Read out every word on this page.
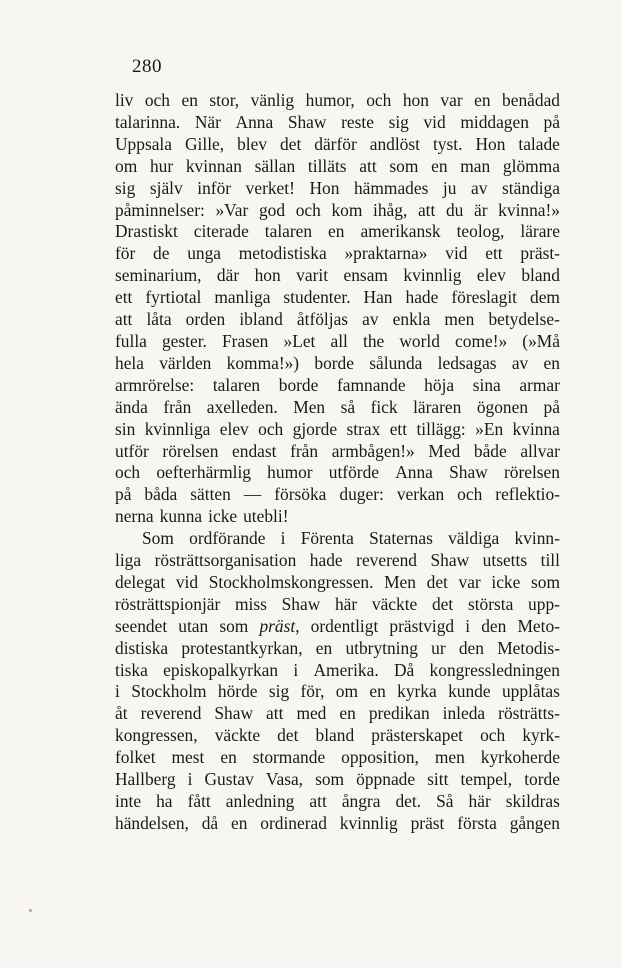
280
liv och en stor, vänlig humor, och hon var en benådad
talarinna. När Anna Shaw reste sig vid middagen på
Uppsala Gille, blev det därför andlöst tyst. Hon talade
om hur kvinnan sällan tilläts att som en man glömma
sig själv inför verket! Hon hämmades ju av ständiga
påminnelser: »Var god och kom ihåg, att du är kvinna!»
Drastiskt citerade talaren en amerikansk teolog, lärare
för de unga metodistiska »praktarna» vid ett präst-
seminarium, där hon varit ensam kvinnlig elev bland
ett fyrtiotal manliga studenter. Han hade föreslagit dem
att låta orden ibland åtföljas av enkla men betydelse-
fulla gester. Frasen »Let all the world come!» (»Må
hela världen komma!») borde sålunda ledsagas av en
armrörelse: talaren borde famnande höja sina armar
ända från axelleden. Men så fick läraren ögonen på
sin kvinnliga elev och gjorde strax ett tillägg: »En kvinna
utför rörelsen endast från armbågen!» Med både allvar
och oefterhärmlig humor utförde Anna Shaw rörelsen
på båda sätten — försöka duger: verkan och reflektio-
nerna kunna icke utebli!
Som ordförande i Förenta Staternas väldiga kvinn-
liga rösträttsorganisation hade reverend Shaw utsetts till
delegat vid Stockholmskongressen. Men det var icke som
rösträttspionjär miss Shaw här väckte det största upp-
seendet utan som präst, ordentligt prästvigd i den Meto-
distiska protestantkyrkan, en utbrytning ur den Metodis-
tiska episkopalkyrkan i Amerika. Då kongressledningen
i Stockholm hörde sig för, om en kyrka kunde upplåtas
åt reverend Shaw att med en predikan inleda rösträtts-
kongressen, väckte det bland prästerskapet och kyrk-
folket mest en stormande opposition, men kyrkoherde
Hallberg i Gustav Vasa, som öppnade sitt tempel, torde
inte ha fått anledning att ångra det. Så här skildras
händelsen, då en ordinerad kvinnlig präst första gången
